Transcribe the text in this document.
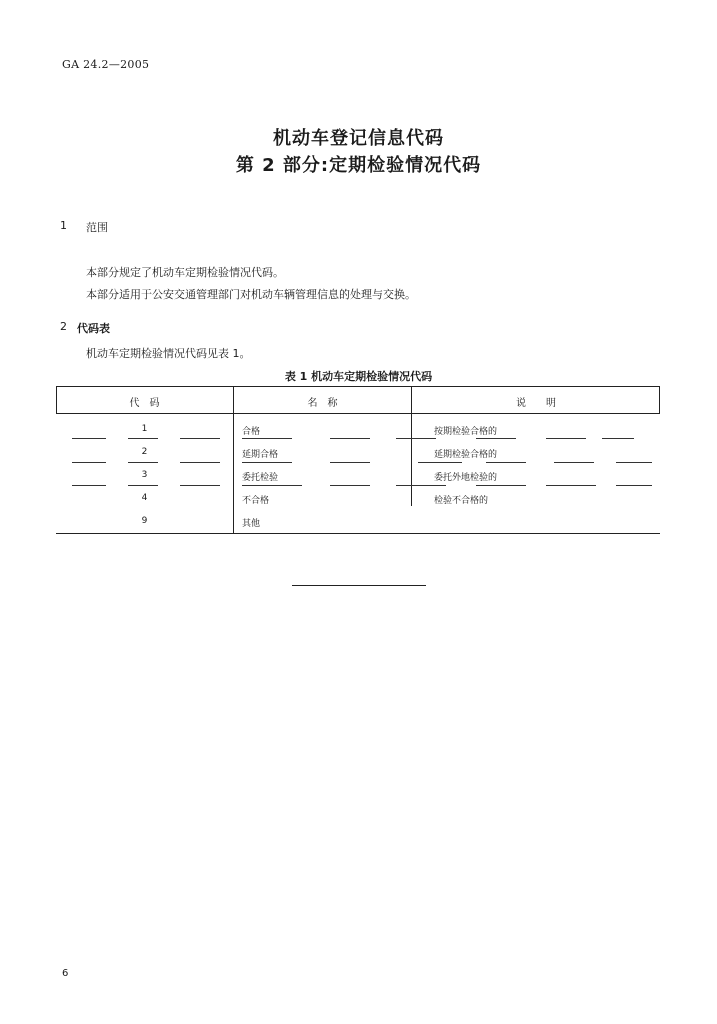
GA 24.2—2005
机动车登记信息代码
第 2 部分:定期检验情况代码
1 范围
本部分规定了机动车定期检验情况代码。
本部分适用于公安交通管理部门对机动车辆管理信息的处理与交换。
2 代码表
机动车定期检验情况代码见表 1。
表 1 机动车定期检验情况代码
代　码	名　称	说　　明
1	合格	按期检验合格的
2	延期合格	延期检验合格的
3	委托检验	委托外地检验的
4	不合格	检验不合格的
9	其他
6
